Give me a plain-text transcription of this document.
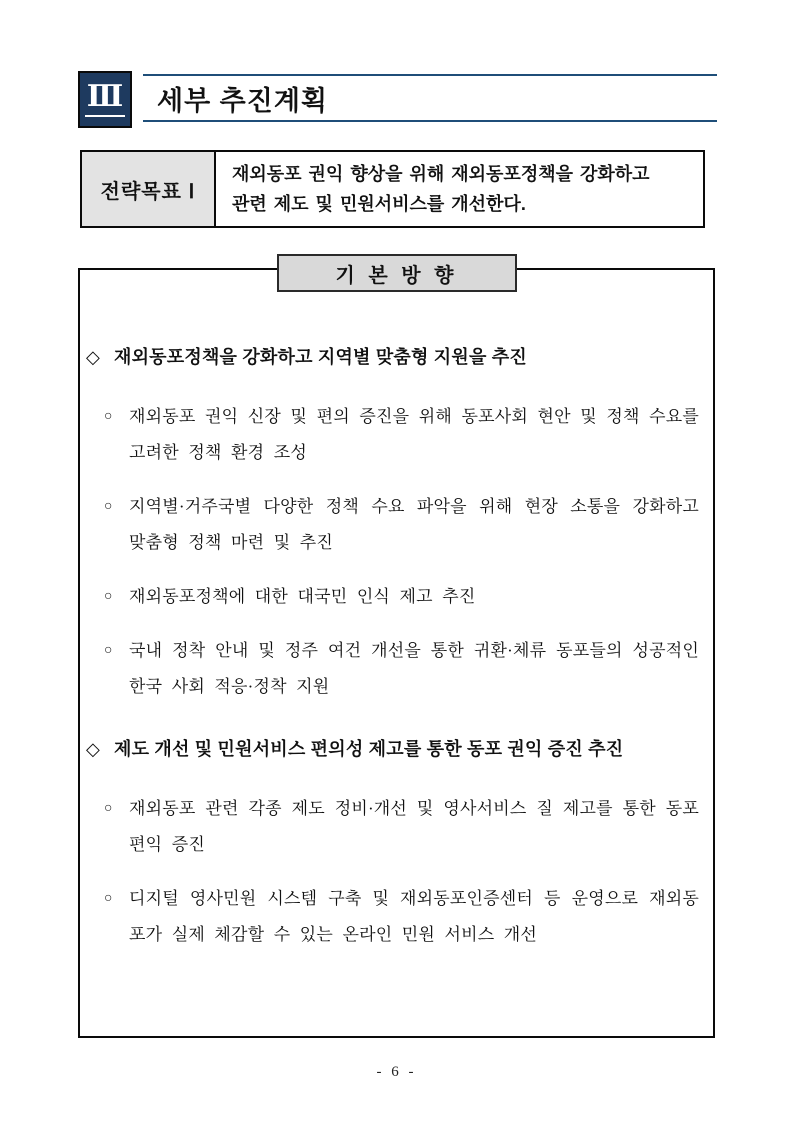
Ⅲ 세부 추진계획
전략목표 Ⅰ
재외동포 권익 향상을 위해 재외동포정책을 강화하고
관련 제도 및 민원서비스를 개선한다.
기 본 방 향
◇ 재외동포정책을 강화하고 지역별 맞춤형 지원을 추진
○ 재외동포 권익 신장 및 편의 증진을 위해 동포사회 현안 및 정책 수요를 고려한 정책 환경 조성
○ 지역별·거주국별 다양한 정책 수요 파악을 위해 현장 소통을 강화하고 맞춤형 정책 마련 및 추진
○ 재외동포정책에 대한 대국민 인식 제고 추진
○ 국내 정착 안내 및 정주 여건 개선을 통한 귀환·체류 동포들의 성공적인 한국 사회 적응·정착 지원
◇ 제도 개선 및 민원서비스 편의성 제고를 통한 동포 권익 증진 추진
○ 재외동포 관련 각종 제도 정비·개선 및 영사서비스 질 제고를 통한 동포 편익 증진
○ 디지털 영사민원 시스템 구축 및 재외동포인증센터 등 운영으로 재외동포가 실제 체감할 수 있는 온라인 민원 서비스 개선
- 6 -
